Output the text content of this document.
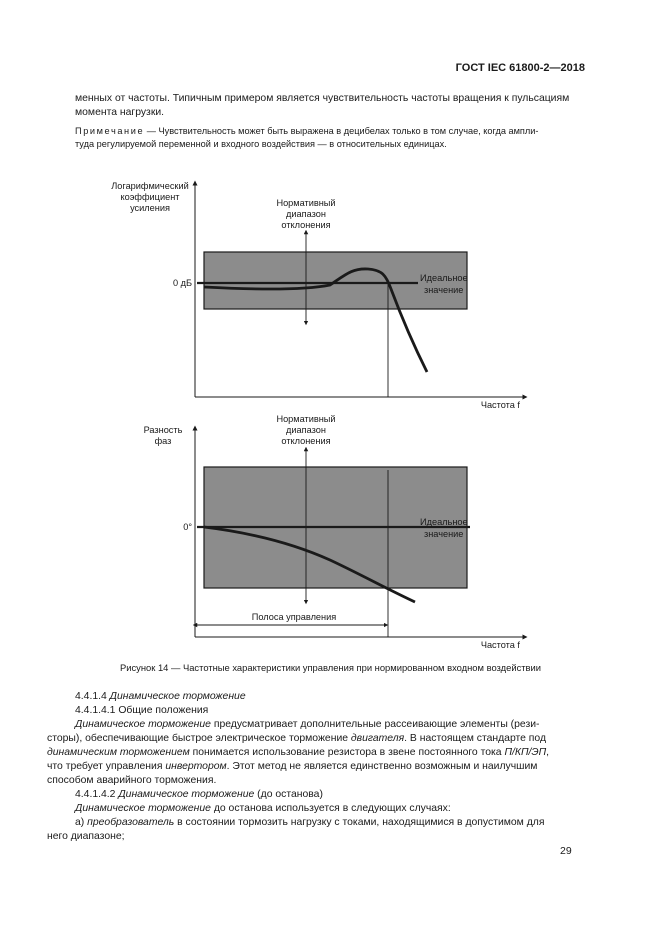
ГОСТ IEC 61800-2—2018
менных от частоты. Типичным примером является чувствительность частоты вращения к пульсациям
момента нагрузки.
Примечание — Чувствительность может быть выражена в децибелах только в том случае, когда ампли-
туда регулируемой переменной и входного воздействия — в относительных единицах.
Логарифмический
коэффициент
усиления	Нормативный
диапазон
отклонения
0 дБ	Идеальное
значение
Частота f
Разность
фаз
Нормативный
диапазон
отклонения
0°	Идеальное
значение
Полоса управления
Частота f
Рисунок 14 — Частотные характеристики управления при нормированном входном воздействии
4.4.1.4 Динамическое торможение
4.4.1.4.1 Общие положения
Динамическое торможение предусматривает дополнительные рассеивающие элементы (рези-
сторы), обеспечивающие быстрое электрическое торможение двигателя. В настоящем стандарте под
динамическим торможением понимается использование резистора в звене постоянного тока П/КП/ЭП,
что требует управления инвертором. Этот метод не является единственно возможным и наилучшим
способом аварийного торможения.
4.4.1.4.2 Динамическое торможение (до останова)
Динамическое торможение до останова используется в следующих случаях:
а) преобразователь в состоянии тормозить нагрузку с токами, находящимися в допустимом для
него диапазоне;
29
